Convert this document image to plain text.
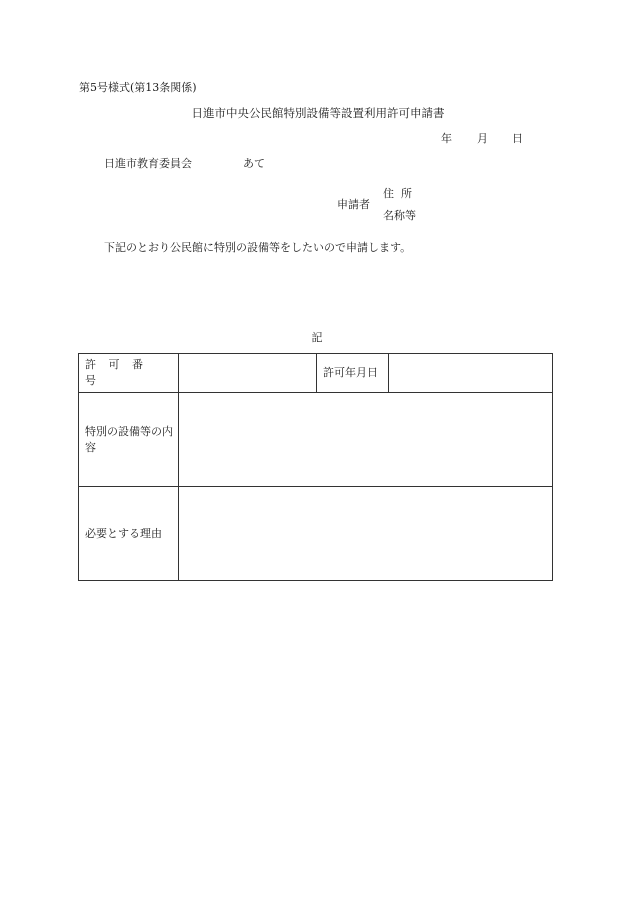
第5号様式(第13条関係)
日進市中央公民館特別設備等設置利用許可申請書
年 月 日
日進市教育委員会	あて
申請者
住所
名称等
下記のとおり公民館に特別の設備等をしたいので申請します。
記
許可番号		許可年月日	
特別の設備等の内容			
必要とする理由			
